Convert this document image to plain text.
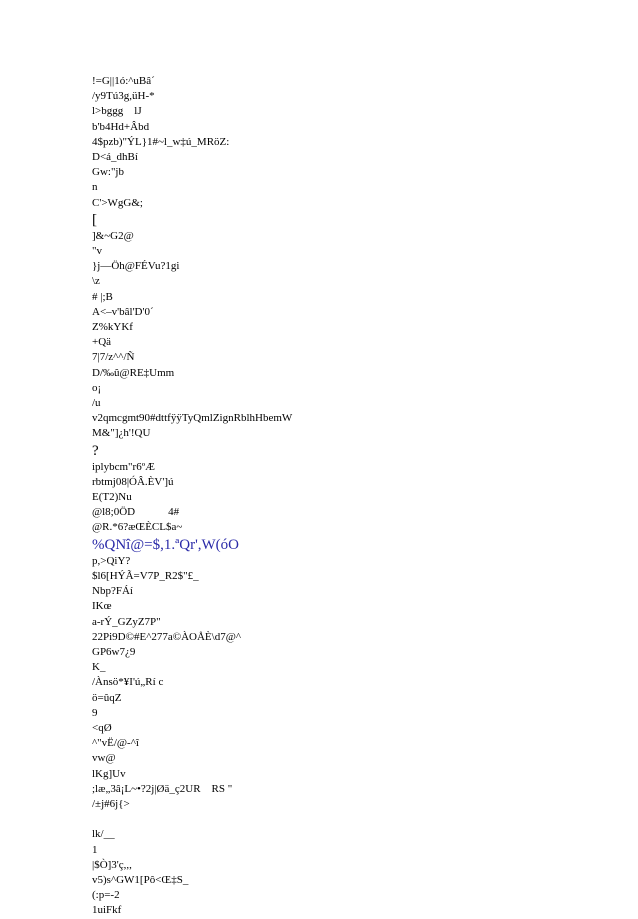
!=G||1ó:^uBâ´
/y9Tú3g,üH-*
l>bggg    lJ
b'b4Hd+Âbd
4$pzb)"ÝL}1#~l_w‡ú_MRöZ:
D<á_dhBí
Gw:"jb
n
C'>WgG&;
[
]&~G2@
"v
}j—Öh@FÉVu?1gi
\z
# |;B
A<–v'bâl'D'0´
Z%kYKf
+Qä
7|7/z^^/Ñ
D/‰û@RE‡Umm
o¡
/u
v2qmcgmt90#dttfÿÿTyQmlZignRblhHbemW
M&"]¿h'!QU
?
iplybcm"r6ºÆ
rbtmj08|ÓÂ.ÈV']ú
E(T2)Nu
@l8;0ÖD            4#
@R.*6?æŒÈCL$a~
%QNî@=$,1.ªQr',W(óO
p,>QiY?
$l6[HÝÃ=V7P_R2$"£_
Nbp?FÁí
IKœ
a-rÝ_GZyZ7P"
22Pi9D©#E^277a©ÀOÅÈ\d7@^
GP6w7¿9
K_
/Ànsö*¥I'ú„Rí c
ö=ûqZ
9
<qØ
^"vË/@-^î
vw@
lKg]Uv
;læ„3â¡L~•?2j|Øä_ç2UR    RS "
/±j#6j{>
lk/__
1
|$Ò]3'ç,,,
v5)s^GW1[Pô<Œ‡S_
(:p=-2
1uiFkf
